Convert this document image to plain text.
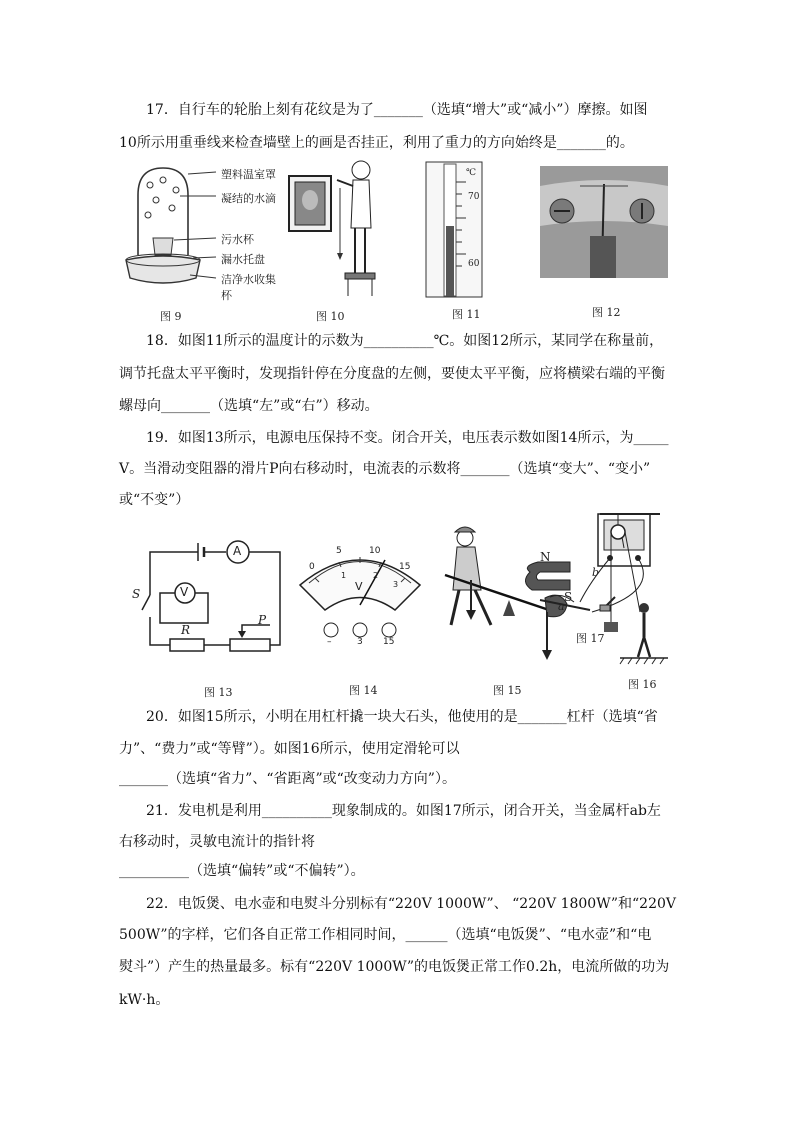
17．自行车的轮胎上刻有花纹是为了_______（选填“增大”或“减小”）摩擦。如图
10所示用重垂线来检查墙壁上的画是否挂正，利用了重力的方向始终是_______的。
塑料温室罩
凝结的水滴
污水杯
漏水托盘
洁净水收集杯
图 9	图 10
℃
70
60
图 11	图 12
18．如图11所示的温度计的示数为__________℃。如图12所示，某同学在称量前，
调节托盘太平平衡时，发现指针停在分度盘的左侧，要使太平平衡，应将横梁右端的平衡
螺母向_______（选填“左”或“右”）移动。
19．如图13所示，电源电压保持不变。闭合开关，电压表示数如图14所示，为_____
V。当滑动变阻器的滑片P向右移动时，电流表的示数将_______（选填“变大”、“变小”
或“不变”）
A
V
S
R
P
图 13
0
5	10
15
1	2
3
V
–	3 15
图 14	图 15
N
S
b
a
图 17
图 16
20．如图15所示，小明在用杠杆撬一块大石头，他使用的是_______杠杆（选填“省
力”、“费力”或“等臂”）。如图16所示，使用定滑轮可以
_______（选填“省力”、“省距离”或“改变动力方向”）。
21．发电机是利用__________现象制成的。如图17所示，闭合开关，当金属杆ab左
右移动时，灵敏电流计的指针将
__________（选填“偏转”或“不偏转”）。
22．电饭煲、电水壶和电熨斗分别标有“220V 1000W”、 “220V 1800W”和“220V
500W”的字样，它们各自正常工作相同时间，______（选填“电饭煲”、“电水壶”和“电
熨斗”）产生的热量最多。标有“220V 1000W”的电饭煲正常工作0.2h，电流所做的功为
kW·h。
